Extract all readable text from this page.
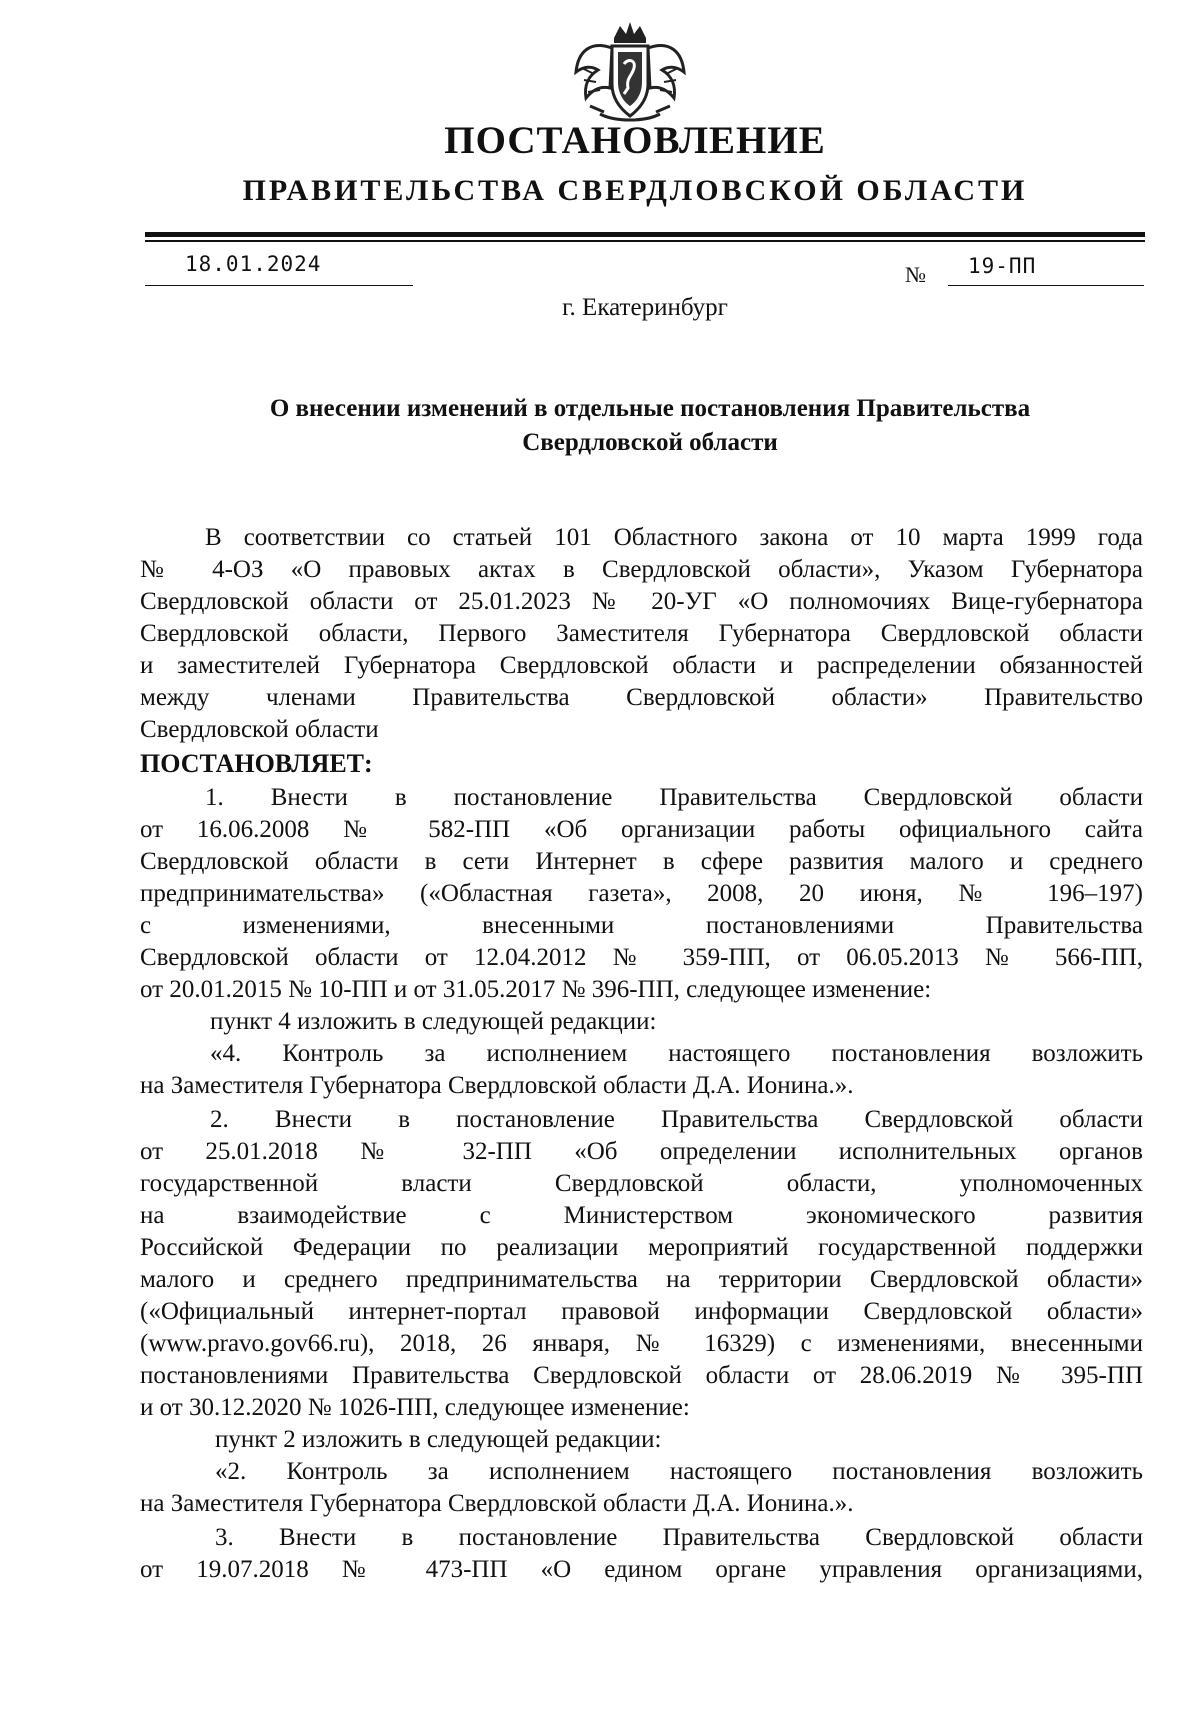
ПОСТАНОВЛЕНИЕ
ПРАВИТЕЛЬСТВА СВЕРДЛОВСКОЙ ОБЛАСТИ
18.01.2024	№ 19-ПП
г. Екатеринбург
О внесении изменений в отдельные постановления Правительства
Свердловской области
В соответствии со статьей 101 Областного закона от 10 марта 1999 года
№ 4-ОЗ «О правовых актах в Свердловской области», Указом Губернатора
Свердловской области от 25.01.2023 № 20-УГ «О полномочиях Вице-губернатора
Свердловской области, Первого Заместителя Губернатора Свердловской области
и заместителей Губернатора Свердловской области и распределении обязанностей
между членами Правительства Свердловской области» Правительство
Свердловской области
ПОСТАНОВЛЯЕТ:
1. Внести в постановление Правительства Свердловской области
от 16.06.2008 № 582-ПП «Об организации работы официального сайта
Свердловской области в сети Интернет в сфере развития малого и среднего
предпринимательства» («Областная газета», 2008, 20 июня, № 196–197)
с изменениями, внесенными постановлениями Правительства
Свердловской области от 12.04.2012 № 359-ПП, от 06.05.2013 № 566-ПП,
от 20.01.2015 № 10-ПП и от 31.05.2017 № 396-ПП, следующее изменение:
пункт 4 изложить в следующей редакции:
«4. Контроль за исполнением настоящего постановления возложить
на Заместителя Губернатора Свердловской области Д.А. Ионина.».
2. Внести в постановление Правительства Свердловской области
от 25.01.2018 № 32-ПП «Об определении исполнительных органов
государственной власти Свердловской области, уполномоченных
на взаимодействие с Министерством экономического развития
Российской Федерации по реализации мероприятий государственной поддержки
малого и среднего предпринимательства на территории Свердловской области»
(«Официальный интернет-портал правовой информации Свердловской области»
(www.pravo.gov66.ru), 2018, 26 января, № 16329) с изменениями, внесенными
постановлениями Правительства Свердловской области от 28.06.2019 № 395-ПП
и от 30.12.2020 № 1026-ПП, следующее изменение:
пункт 2 изложить в следующей редакции:
«2. Контроль за исполнением настоящего постановления возложить
на Заместителя Губернатора Свердловской области Д.А. Ионина.».
3. Внести в постановление Правительства Свердловской области
от 19.07.2018 № 473-ПП «О едином органе управления организациями,
